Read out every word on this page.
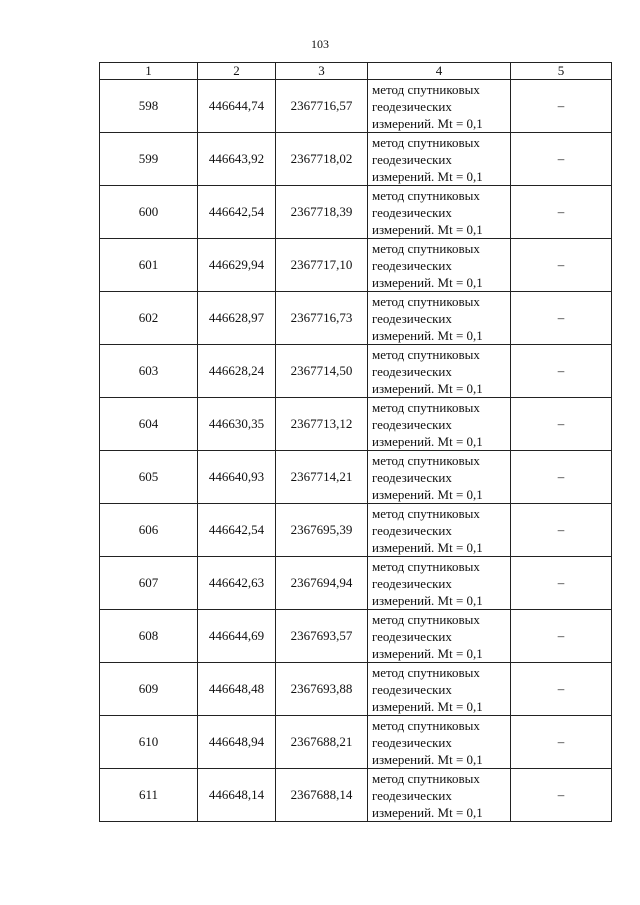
103
1	2	3	4	5
598	446644,74	2367716,57	метод спутниковых
геодезических
измерений. Mt = 0,1	–
599	446643,92	2367718,02	метод спутниковых
геодезических
измерений. Mt = 0,1	–
600	446642,54	2367718,39	метод спутниковых
геодезических
измерений. Mt = 0,1	–
601	446629,94	2367717,10	метод спутниковых
геодезических
измерений. Mt = 0,1	–
602	446628,97	2367716,73	метод спутниковых
геодезических
измерений. Mt = 0,1	–
603	446628,24	2367714,50	метод спутниковых
геодезических
измерений. Mt = 0,1	–
604	446630,35	2367713,12	метод спутниковых
геодезических
измерений. Mt = 0,1	–
605	446640,93	2367714,21	метод спутниковых
геодезических
измерений. Mt = 0,1	–
606	446642,54	2367695,39	метод спутниковых
геодезических
измерений. Mt = 0,1	–
607	446642,63	2367694,94	метод спутниковых
геодезических
измерений. Mt = 0,1	–
608	446644,69	2367693,57	метод спутниковых
геодезических
измерений. Mt = 0,1	–
609	446648,48	2367693,88	метод спутниковых
геодезических
измерений. Mt = 0,1	–
610	446648,94	2367688,21	метод спутниковых
геодезических
измерений. Mt = 0,1	–
611	446648,14	2367688,14	метод спутниковых
геодезических
измерений. Mt = 0,1	–
